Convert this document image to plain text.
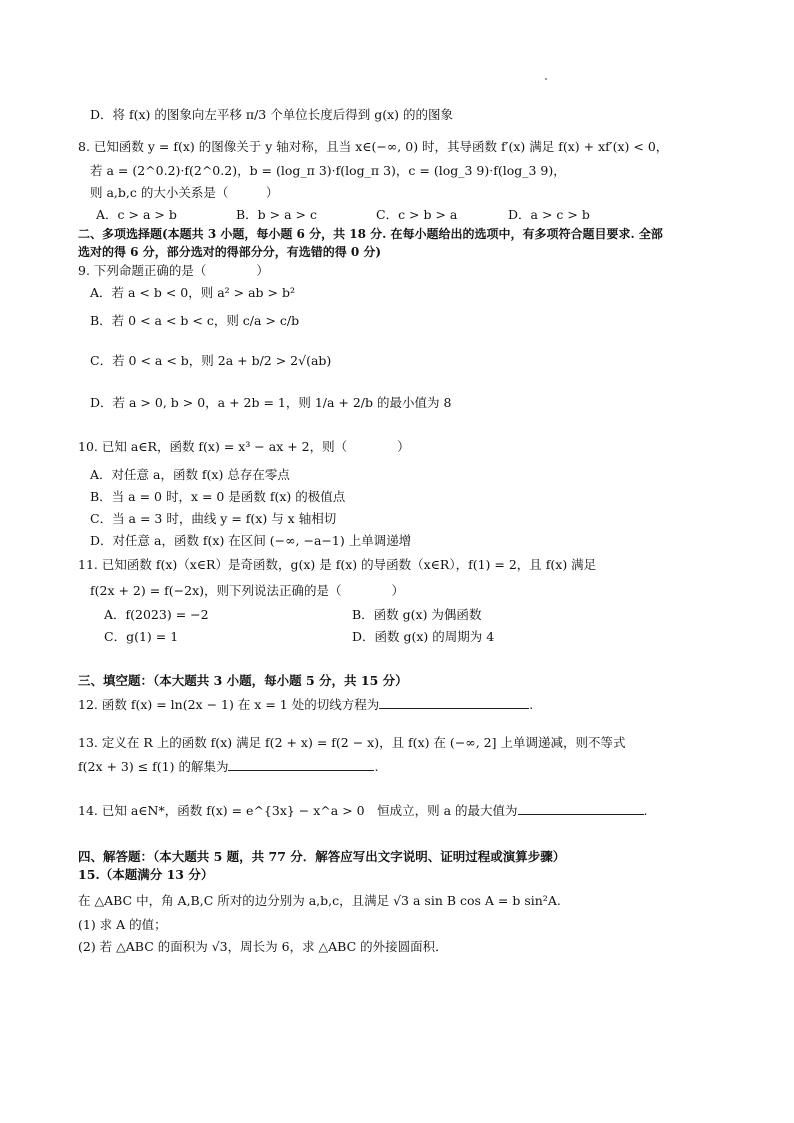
D．将 f(x) 的图象向左平移 π/3 个单位长度后得到 g(x) 的的图象
8. 已知函数 y = f(x) 的图像关于 y 轴对称，且当 x∈(−∞, 0) 时，其导函数 f′(x) 满足 f(x) + xf′(x) < 0，
若 a = (2^0.2)·f(2^0.2)，b = (log_π 3)·f(log_π 3)，c = (log_3 9)·f(log_3 9)，
则 a,b,c 的大小关系是（　　　）
A．c > a > b	B．b > a > c	C．c > b > a	D．a > c > b
二、多项选择题(本题共 3 小题，每小题 6 分，共 18 分. 在每小题给出的选项中，有多项符合题目要求. 全部
选对的得 6 分，部分选对的得部分分，有选错的得 0 分)
9. 下列命题正确的是（　　　　）
A．若 a < b < 0，则 a² > ab > b²
B．若 0 < a < b < c，则 c/a > c/b
C．若 0 < a < b，则 2a + b/2 > 2√(ab)
D．若 a > 0, b > 0，a + 2b = 1，则 1/a + 2/b 的最小值为 8
10. 已知 a∈R，函数 f(x) = x³ − ax + 2，则（　　　　）
A．对任意 a，函数 f(x) 总存在零点
B．当 a = 0 时，x = 0 是函数 f(x) 的极值点
C．当 a = 3 时，曲线 y = f(x) 与 x 轴相切
D．对任意 a，函数 f(x) 在区间 (−∞, −a−1) 上单调递增
11. 已知函数 f(x)（x∈R）是奇函数，g(x) 是 f(x) 的导函数（x∈R），f(1) = 2，且 f(x) 满足
f(2x + 2) = f(−2x)，则下列说法正确的是（　　　　）
A．f(2023) = −2	B．函数 g(x) 为偶函数
C．g(1) = 1	D．函数 g(x) 的周期为 4
三、填空题：（本大题共 3 小题，每小题 5 分，共 15 分）
12. 函数 f(x) = ln(2x − 1) 在 x = 1 处的切线方程为	.
13. 定义在 R 上的函数 f(x) 满足 f(2 + x) = f(2 − x)，且 f(x) 在 (−∞, 2] 上单调递减，则不等式
f(2x + 3) ≤ f(1) 的解集为	.
14. 已知 a∈N*，函数 f(x) = e^{3x} − x^a > 0　恒成立，则 a 的最大值为	.
四、解答题：（本大题共 5 题，共 77 分．解答应写出文字说明、证明过程或演算步骤）
15.（本题满分 13 分）
在 △ABC 中，角 A,B,C 所对的边分别为 a,b,c，且满足 √3 a sin B cos A = b sin²A.
(1) 求 A 的值；
(2) 若 △ABC 的面积为 √3，周长为 6，求 △ABC 的外接圆面积．
